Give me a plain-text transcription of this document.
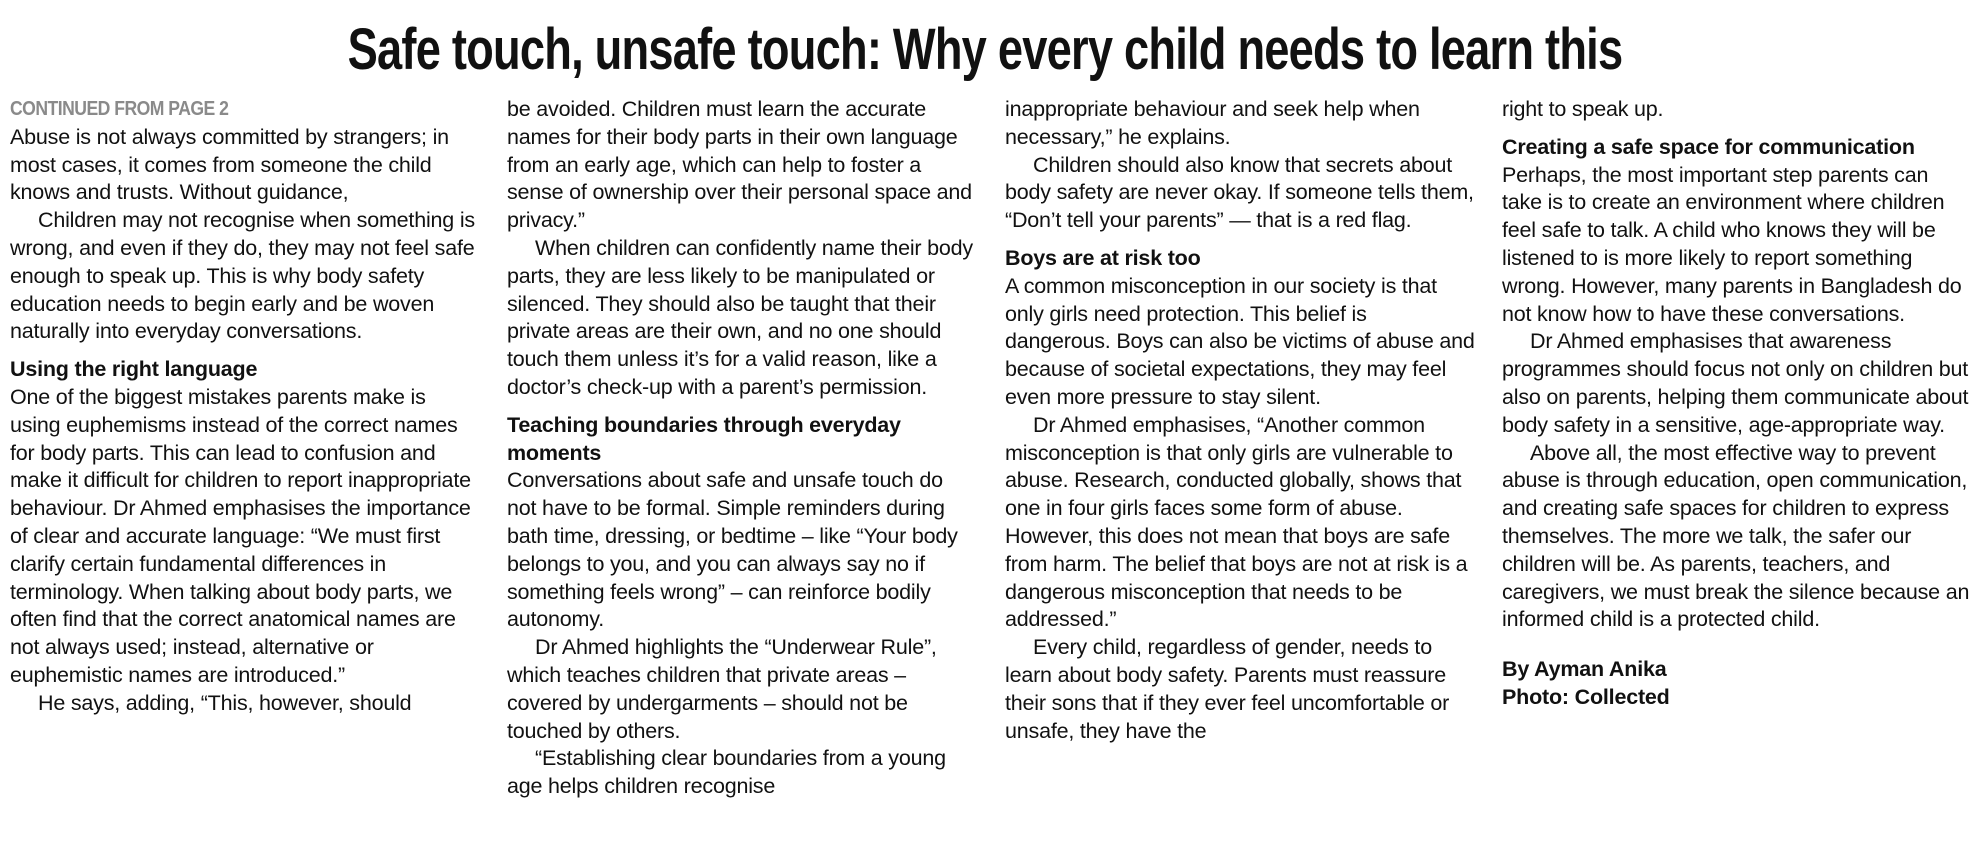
Safe touch, unsafe touch: Why every child needs to learn this
CONTINUED FROM PAGE 2

Abuse is not always committed by strangers; in most cases, it comes from someone the child knows and trusts. Without guidance,

Children may not recognise when something is wrong, and even if they do, they may not feel safe enough to speak up. This is why body safety education needs to begin early and be woven naturally into everyday conversations.

Using the right language

One of the biggest mistakes parents make is using euphemisms instead of the correct names for body parts. This can lead to confusion and make it difficult for children to report inappropriate behaviour. Dr Ahmed emphasises the importance of clear and accurate language: “We must first clarify certain fundamental differences in terminology. When talking about body parts, we often find that the correct anatomical names are not always used; instead, alternative or euphemistic names are introduced.”

He says, adding, “This, however, should

be avoided. Children must learn the accurate names for their body parts in their own language from an early age, which can help to foster a sense of ownership over their personal space and privacy.”

When children can confidently name their body parts, they are less likely to be manipulated or silenced. They should also be taught that their private areas are their own, and no one should touch them unless it’s for a valid reason, like a doctor’s check-up with a parent’s permission.

Teaching boundaries through everyday moments

Conversations about safe and unsafe touch do not have to be formal. Simple reminders during bath time, dressing, or bedtime – like “Your body belongs to you, and you can always say no if something feels wrong” – can reinforce bodily autonomy.

Dr Ahmed highlights the “Underwear Rule”, which teaches children that private areas – covered by undergarments – should not be touched by others.

“Establishing clear boundaries from a young age helps children recognise

inappropriate behaviour and seek help when necessary,” he explains.

Children should also know that secrets about body safety are never okay. If someone tells them, “Don’t tell your parents” — that is a red flag.

Boys are at risk too

A common misconception in our society is that only girls need protection. This belief is dangerous. Boys can also be victims of abuse and because of societal expectations, they may feel even more pressure to stay silent.

Dr Ahmed emphasises, “Another common misconception is that only girls are vulnerable to abuse. Research, conducted globally, shows that one in four girls faces some form of abuse. However, this does not mean that boys are safe from harm. The belief that boys are not at risk is a dangerous misconception that needs to be addressed.”

Every child, regardless of gender, needs to learn about body safety. Parents must reassure their sons that if they ever feel uncomfortable or unsafe, they have the

right to speak up.

Creating a safe space for communication

Perhaps, the most important step parents can take is to create an environment where children feel safe to talk. A child who knows they will be listened to is more likely to report something wrong. However, many parents in Bangladesh do not know how to have these conversations.

Dr Ahmed emphasises that awareness programmes should focus not only on children but also on parents, helping them communicate about body safety in a sensitive, age-appropriate way.

Above all, the most effective way to prevent abuse is through education, open communication, and creating safe spaces for children to express themselves. The more we talk, the safer our children will be. As parents, teachers, and caregivers, we must break the silence because an informed child is a protected child.

By Ayman Anika

Photo: Collected
